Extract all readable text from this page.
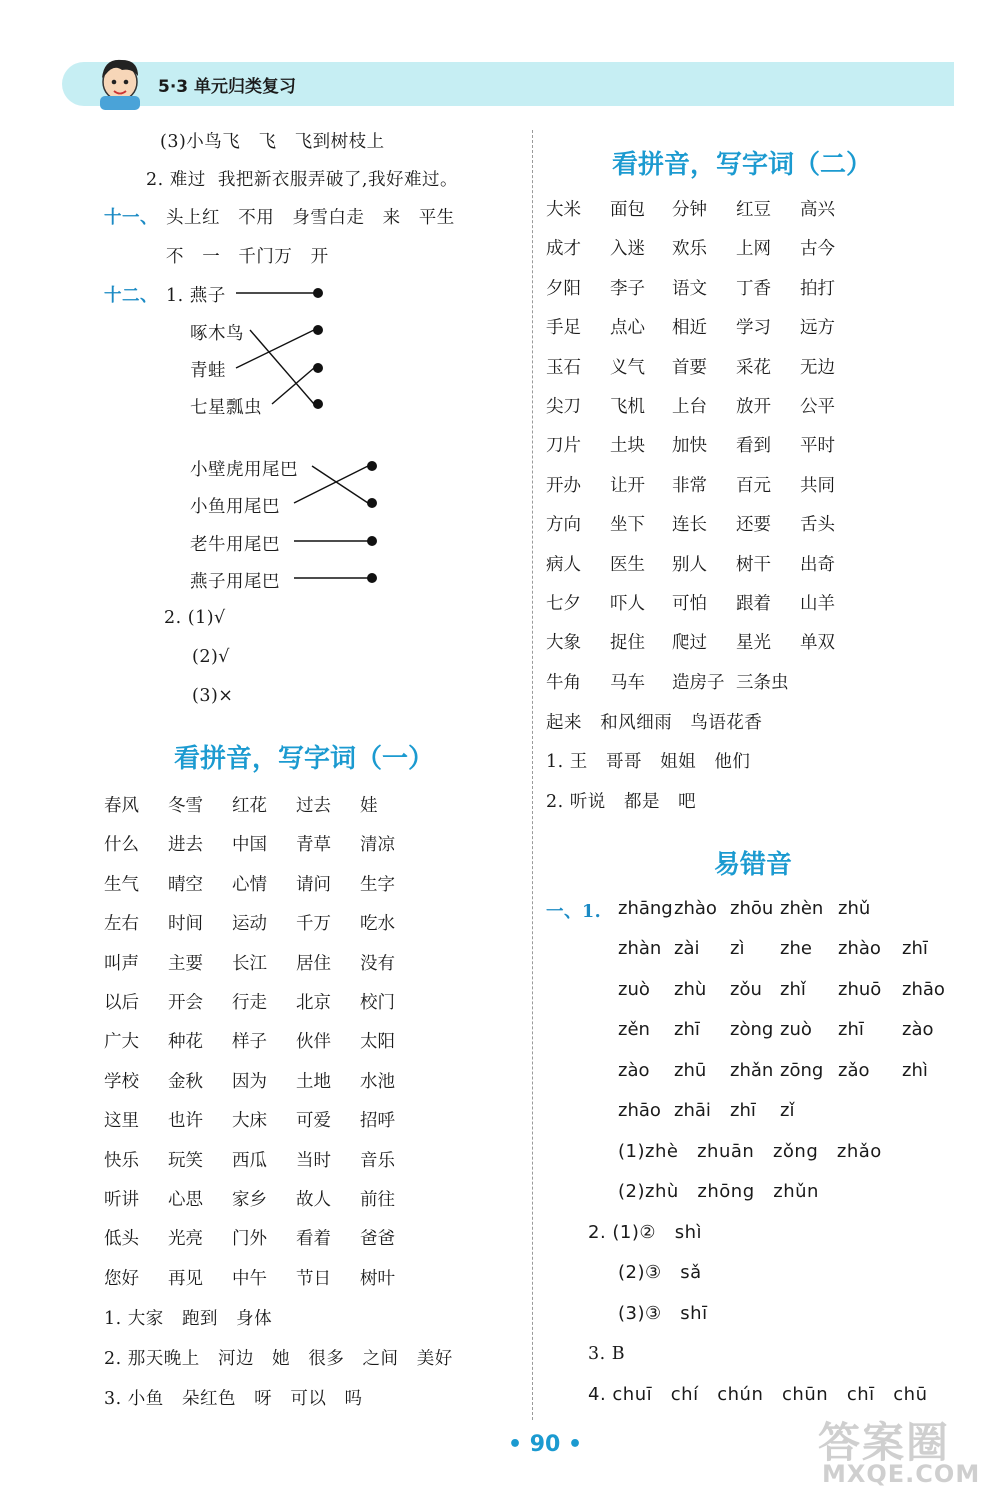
5·3 单元归类复习
(3)小鸟飞   飞   飞到树枝上
2. 难过  我把新衣服弄破了,我好难过。
十一、 头上红   不用   身雪白走   来   平生
不   一   千门万   开
十二、 1. 燕子
啄木鸟
青蛙
七星瓢虫
小壁虎用尾巴
小鱼用尾巴
老牛用尾巴
燕子用尾巴
2. (1)√
(2)√
(3)×
看拼音，写字词（一）
春风 冬雪 红花 过去 娃
什么 进去 中国 青草 清凉
生气 晴空 心情 请问 生字
左右 时间 运动 千万 吃水
叫声 主要 长江 居住 没有
以后 开会 行走 北京 校门
广大 种花 样子 伙伴 太阳
学校 金秋 因为 土地 水池
这里 也许 大床 可爱 招呼
快乐 玩笑 西瓜 当时 音乐
听讲 心思 家乡 故人 前往
低头 光亮 门外 看着 爸爸
您好 再见 中午 节日 树叶
1. 大家   跑到   身体
2. 那天晚上   河边   她   很多   之间   美好
3. 小鱼   朵红色   呀   可以   吗
看拼音，写字词（二）
大米 面包 分钟 红豆 高兴
成才 入迷 欢乐 上网 古今
夕阳 李子 语文 丁香 拍打
手足 点心 相近 学习 远方
玉石 义气 首要 采花 无边
尖刀 飞机 上台 放开 公平
刀片 土块 加快 看到 平时
开办 让开 非常 百元 共同
方向 坐下 连长 还要 舌头
病人 医生 别人 树干 出奇
七夕 吓人 可怕 跟着 山羊
大象 捉住 爬过 星光 单双
牛角 马车 造房子 三条虫
起来   和风细雨   鸟语花香
1. 王   哥哥   姐姐   他们
2. 听说   都是   吧
易错音
一、1. zhāng zhào zhōu zhèn zhǔ
zhàn zài zì zhe zhào zhī
zuò zhù zǒu zhǐ zhuō zhāo
zěn zhī zòng zuò zhī zào
zào zhū zhǎn zōng zǎo zhì
zhāo zhāi zhī zǐ
(1)zhè   zhuān   zǒng   zhǎo
(2)zhù   zhōng   zhǔn
2. (1)②   shì
(2)③   sǎ
(3)③   shī
3. B
4. chuī   chí   chún   chūn   chī   chū
• 90 •	答案圈
MXQE.COM
